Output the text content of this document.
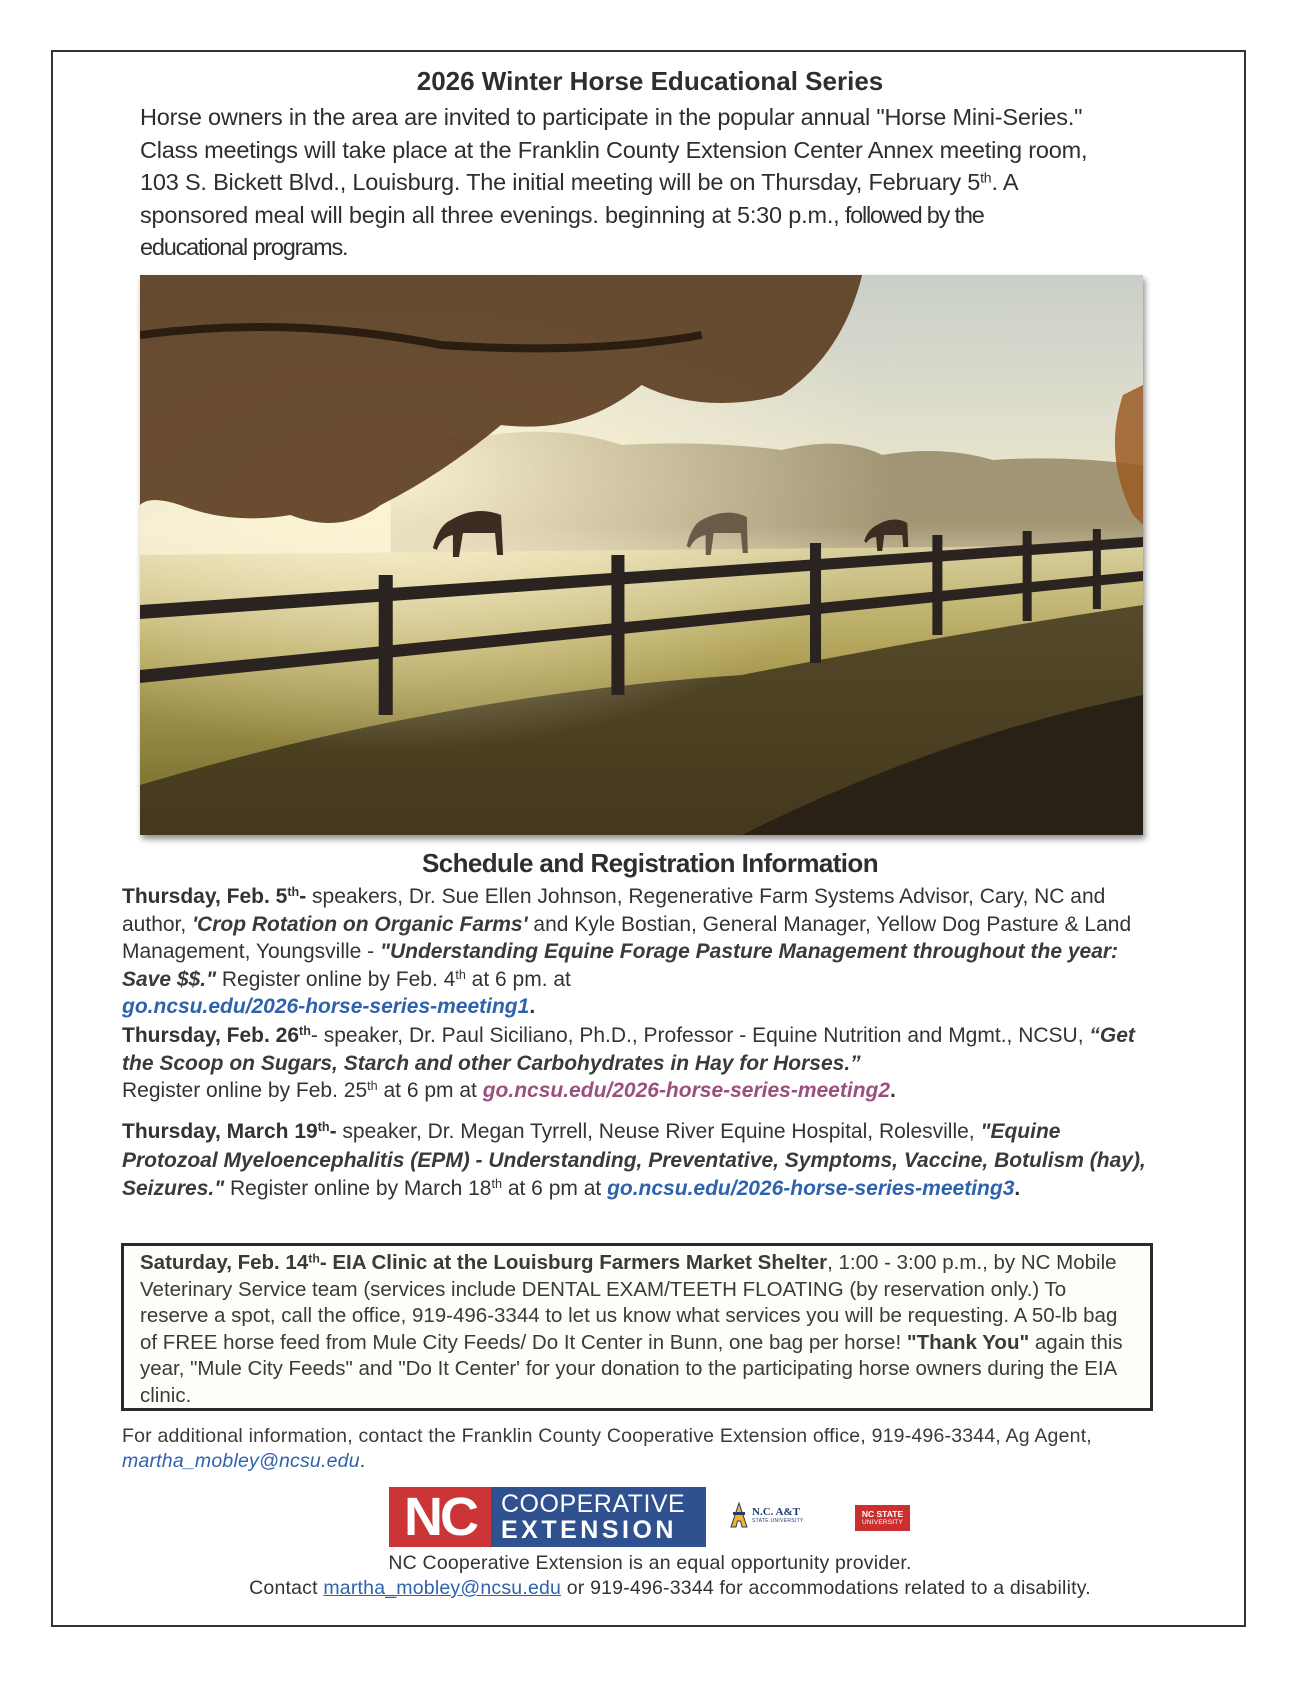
2026 Winter Horse Educational Series
Horse owners in the area are invited to participate in the popular annual "Horse Mini-Series."
Class meetings will take place at the Franklin County Extension Center Annex meeting room,
103 S. Bickett Blvd., Louisburg. The initial meeting will be on Thursday, February 5th. A
sponsored meal will begin all three evenings. beginning at 5:30 p.m., followed by the
educational programs.
Schedule and Registration Information
Thursday, Feb. 5th- speakers, Dr. Sue Ellen Johnson, Regenerative Farm Systems Advisor, Cary, NC and author, 'Crop Rotation on Organic Farms' and Kyle Bostian, General Manager, Yellow Dog Pasture & Land Management, Youngsville - "Understanding Equine Forage Pasture Management throughout the year: Save $$." Register online by Feb. 4th at 6 pm. at
go.ncsu.edu/2026-horse-series-meeting1.
Thursday, Feb. 26th- speaker, Dr. Paul Siciliano, Ph.D., Professor - Equine Nutrition and Mgmt., NCSU, “Get the Scoop on Sugars, Starch and other Carbohydrates in Hay for Horses.”
Register online by Feb. 25th at 6 pm at go.ncsu.edu/2026-horse-series-meeting2.
Thursday, March 19th- speaker, Dr. Megan Tyrrell, Neuse River Equine Hospital, Rolesville, "Equine Protozoal Myeloencephalitis (EPM) - Understanding, Preventative, Symptoms, Vaccine, Botulism (hay), Seizures." Register online by March 18th at 6 pm at go.ncsu.edu/2026-horse-series-meeting3.
Saturday, Feb. 14th- EIA Clinic at the Louisburg Farmers Market Shelter, 1:00 - 3:00 p.m., by NC Mobile Veterinary Service team (services include DENTAL EXAM/TEETH FLOATING (by reservation only.) To reserve a spot, call the office, 919-496-3344 to let us know what services you will be requesting. A 50-lb bag of FREE horse feed from Mule City Feeds/ Do It Center in Bunn, one bag per horse! "Thank You" again this year, "Mule City Feeds" and "Do It Center' for your donation to the participating horse owners during the EIA clinic.
For additional information, contact the Franklin County Cooperative Extension office, 919-496-3344, Ag Agent, martha_mobley@ncsu.edu.
NC	COOPERATIVE
EXTENSION
N.C. A&T
STATE UNIVERSITY
NC STATE
UNIVERSITY
NC Cooperative Extension is an equal opportunity provider.
Contact martha_mobley@ncsu.edu or 919-496-3344 for accommodations related to a disability.
